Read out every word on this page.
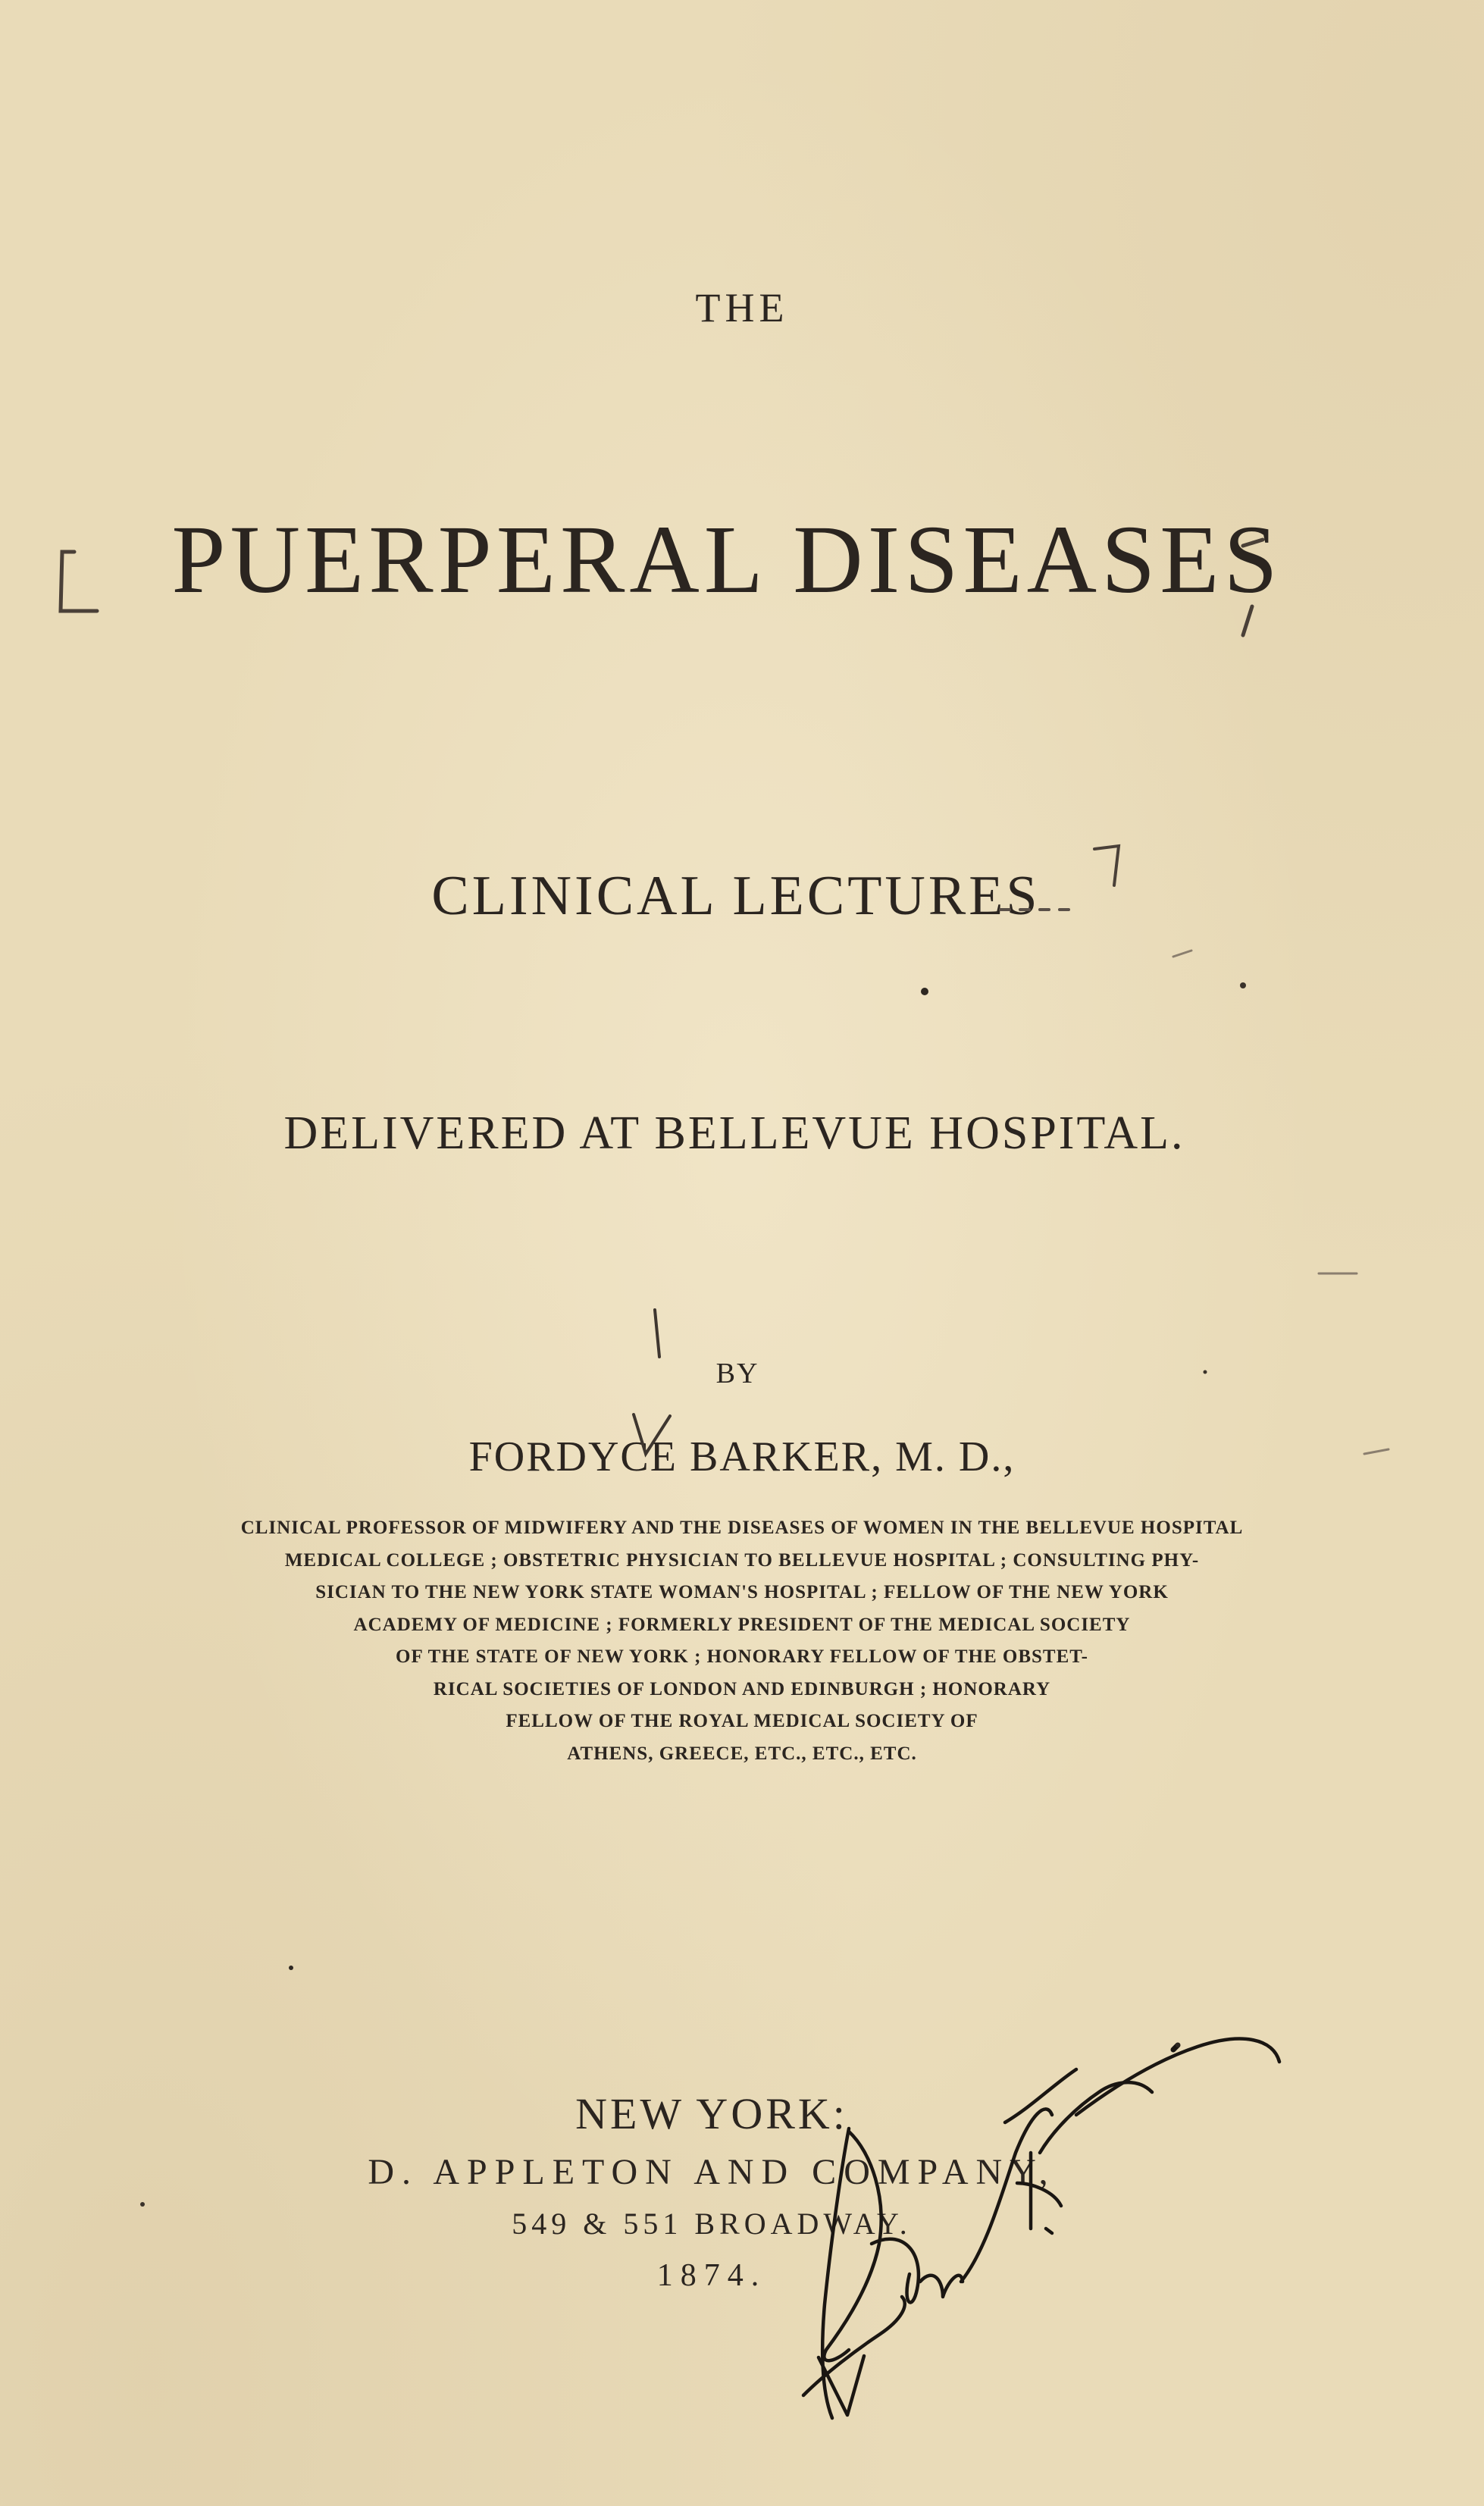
THE
PUERPERAL DISEASES
CLINICAL LECTURES
DELIVERED AT BELLEVUE HOSPITAL.
BY
FORDYCE BARKER, M. D.,
CLINICAL PROFESSOR OF MIDWIFERY AND THE DISEASES OF WOMEN IN THE BELLEVUE HOSPITAL
MEDICAL COLLEGE ; OBSTETRIC PHYSICIAN TO BELLEVUE HOSPITAL ; CONSULTING PHY-
SICIAN TO THE NEW YORK STATE WOMAN'S HOSPITAL ; FELLOW OF THE NEW YORK
ACADEMY OF MEDICINE ; FORMERLY PRESIDENT OF THE MEDICAL SOCIETY
OF THE STATE OF NEW YORK ; HONORARY FELLOW OF THE OBSTET-
RICAL SOCIETIES OF LONDON AND EDINBURGH ; HONORARY
FELLOW OF THE ROYAL MEDICAL SOCIETY OF
ATHENS, GREECE, ETC., ETC., ETC.
NEW YORK:
D. APPLETON AND COMPANY,
549 & 551 BROADWAY.
1874.
